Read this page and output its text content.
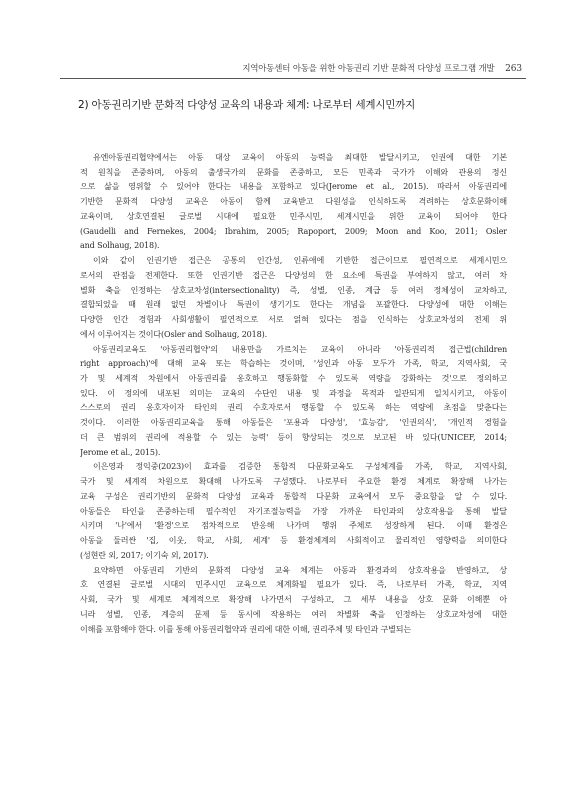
지역아동센터 아동을 위한 아동권리 기반 문화적 다양성 프로그램 개발 263
2) 아동권리기반 문화적 다양성 교육의 내용과 체계: 나로부터 세계시민까지

유엔아동권리협약에서는 아동 대상 교육이 아동의 능력을 최대한 발달시키고, 인권에 대한 기본
적 원칙을 존중하며, 아동의 출생국가의 문화를 존중하고, 모든 민족과 국가가 이해와 관용의 정신
으로 삶을 영위할 수 있어야 한다는 내용을 포함하고 있다(Jerome et al., 2015). 따라서 아동권리에
기반한 문화적 다양성 교육은 아동이 함께 교육받고 다원성을 인식하도록 격려하는 상호문화이해
교육이며, 상호연결된 글로벌 시대에 필요한 민주시민, 세계시민을 위한 교육이 되어야 한다
(Gaudelli and Fernekes, 2004; Ibrahim, 2005; Rapoport, 2009; Moon and Koo, 2011; Osler
and Solhaug, 2018).

이와 같이 인권기반 접근은 공통의 인간성, 인류애에 기반한 접근이므로 필연적으로 세계시민으
로서의 관점을 전제한다. 또한 인권기반 접근은 다양성의 한 요소에 특권을 부여하지 않고, 여러 차
별화 축을 인정하는 상호교차성(intersectionality) 즉, 성별, 인종, 계급 등 여러 정체성이 교차하고,
결합되었을 때 원래 없던 차별이나 특권이 생기기도 한다는 개념을 포괄한다. 다양성에 대한 이해는
다양한 인간 경험과 사회생활이 필연적으로 서로 얽혀 있다는 점을 인식하는 상호교차성의 전제 위
에서 이루어지는 것이다(Osler and Solhaug, 2018).

아동권리교육도 '아동권리협약'의 내용만을 가르치는 교육이 아니라 '아동권리적 접근법(children
right approach)'에 대해 교육 또는 학습하는 것이며, '성인과 아동 모두가 가족, 학교, 지역사회, 국
가 및 세계적 차원에서 아동권리를 옹호하고 행동화할 수 있도록 역량을 강화하는 것'으로 정의하고
있다. 이 정의에 내포된 의미는 교육의 수단인 내용 및 과정을 목적과 일관되게 일치시키고, 아동이
스스로의 권리 옹호자이자 타인의 권리 수호자로서 행동할 수 있도록 하는 역량에 초점을 맞춘다는
것이다. 이러한 아동권리교육을 통해 아동들은 '포용과 다양성', '효능감', '인권의식', '개인적 경험을
더 큰 범위의 권리에 적용할 수 있는 능력' 등이 향상되는 것으로 보고된 바 있다(UNICEF, 2014;
Jerome et al., 2015).

이은영과 정익중(2023)이 효과를 검증한 통합적 다문화교육도 구성체계를 가족, 학교, 지역사회,
국가 및 세계적 차원으로 확대해 나가도록 구성했다. 나로부터 주요한 환경 체계로 확장해 나가는
교육 구성은 권리기반의 문화적 다양성 교육과 통합적 다문화 교육에서 모두 중요함을 알 수 있다.
아동들은 타인을 존중하는데 필수적인 자기조절능력을 가장 가까운 타인과의 상호작용을 통해 발달
시키며 '나'에서 '환경'으로 점차적으로 반응해 나가며 행위 주체로 성장하게 된다. 이때 환경은
아동을 둘러싼 '집, 이웃, 학교, 사회, 세계' 등 환경체계의 사회적이고 물리적인 영향력을 의미한다
(성현란 외, 2017; 이기숙 외, 2017).

요약하면 아동권리 기반의 문화적 다양성 교육 체계는 아동과 환경과의 상호작용을 반영하고, 상
호 연결된 글로벌 시대의 민주시민 교육으로 체계화될 필요가 있다. 즉, 나로부터 가족, 학교, 지역
사회, 국가 및 세계로 체계적으로 확장해 나가면서 구성하고, 그 세부 내용을 상호 문화 이해뿐 아
니라 성별, 인종, 계층의 문제 등 동시에 작용하는 여러 차별화 축을 인정하는 상호교차성에 대한
이해를 포함해야 한다. 이를 통해 아동권리협약과 권리에 대한 이해, 권리주체 및 타인과 구별되는
